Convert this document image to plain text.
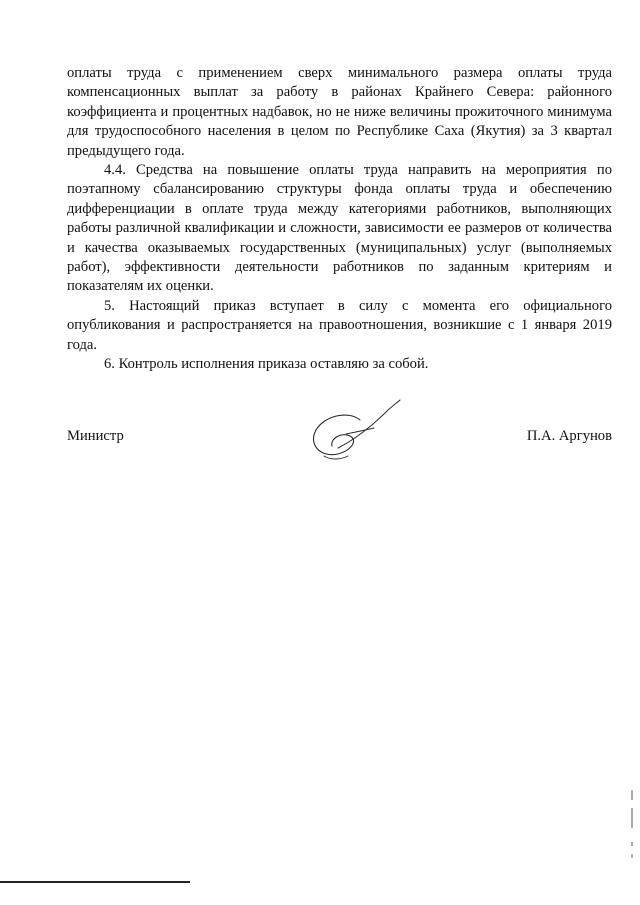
оплаты труда с применением сверх минимального размера оплаты труда компенсационных выплат за работу в районах Крайнего Севера: районного коэффициента и процентных надбавок, но не ниже величины прожиточного минимума для трудоспособного населения в целом по Республике Саха (Якутия) за 3 квартал предыдущего года.

4.4. Средства на повышение оплаты труда направить на мероприятия по поэтапному сбалансированию структуры фонда оплаты труда и обеспечению дифференциации в оплате труда между категориями работников, выполняющих работы различной квалификации и сложности, зависимости ее размеров от количества и качества оказываемых государственных (муниципальных) услуг (выполняемых работ), эффективности деятельности работников по заданным критериям и показателям их оценки.

5. Настоящий приказ вступает в силу с момента его официального опубликования и распространяется на правоотношения, возникшие с 1 января 2019 года.

6. Контроль исполнения приказа оставляю за собой.

Министр	П.А. Аргунов
